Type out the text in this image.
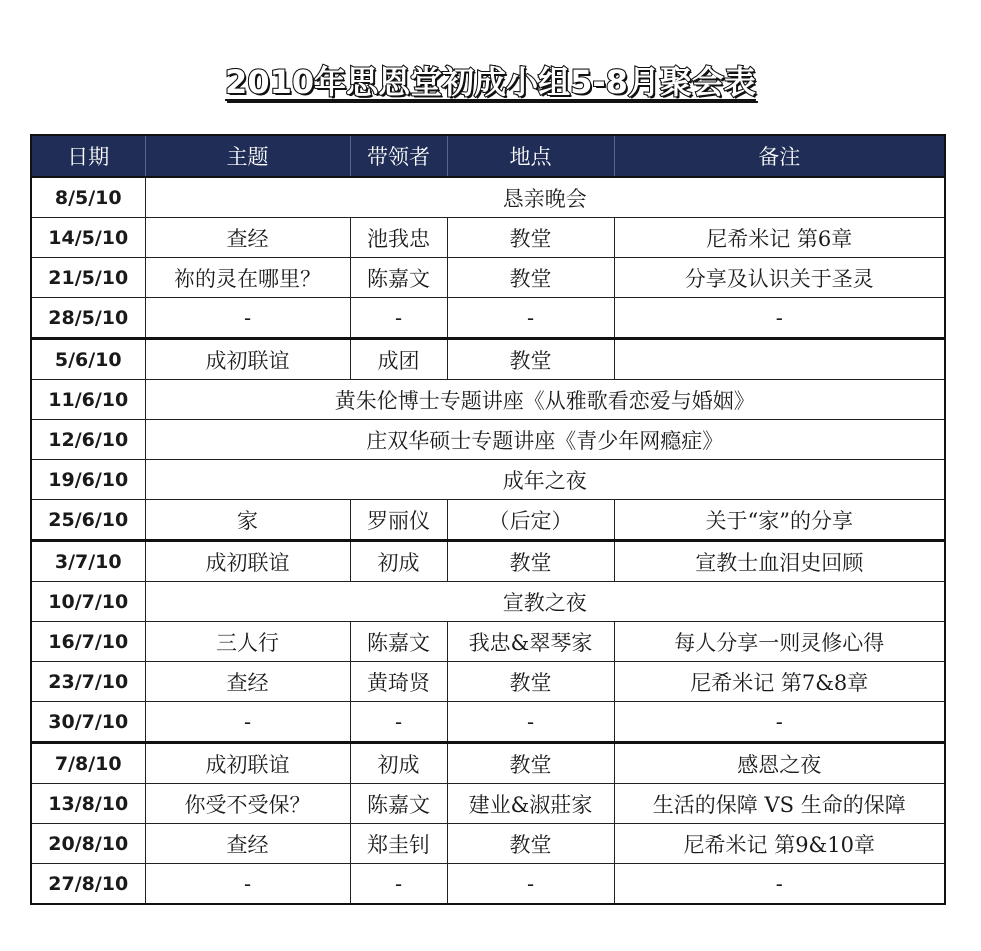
2010年思恩堂初成小组5-8月聚会表
日期	主题	带领者	地点	备注
8/5/10	恳亲晚会			
14/5/10	查经	池我忠	教堂	尼希米记 第6章
21/5/10	祢的灵在哪里？	陈嘉文	教堂	分享及认识关于圣灵
28/5/10	-	-	-	-
5/6/10	成初联谊	成团	教堂	
11/6/10	黄朱伦博士专题讲座《从雅歌看恋爱与婚姻》			
12/6/10	庄双华硕士专题讲座《青少年网瘾症》			
19/6/10	成年之夜			
25/6/10	家	罗丽仪	（后定）	关于“家”的分享
3/7/10	成初联谊	初成	教堂	宣教士血泪史回顾
10/7/10	宣教之夜			
16/7/10	三人行	陈嘉文	我忠&翠琴家	每人分享一则灵修心得
23/7/10	查经	黄琦贤	教堂	尼希米记 第7&8章
30/7/10	-	-	-	-
7/8/10	成初联谊	初成	教堂	感恩之夜
13/8/10	你受不受保？	陈嘉文	建业&淑莊家	生活的保障 VS 生命的保障
20/8/10	查经	郑圭钊	教堂	尼希米记 第9&10章
27/8/10	-	-	-	-
